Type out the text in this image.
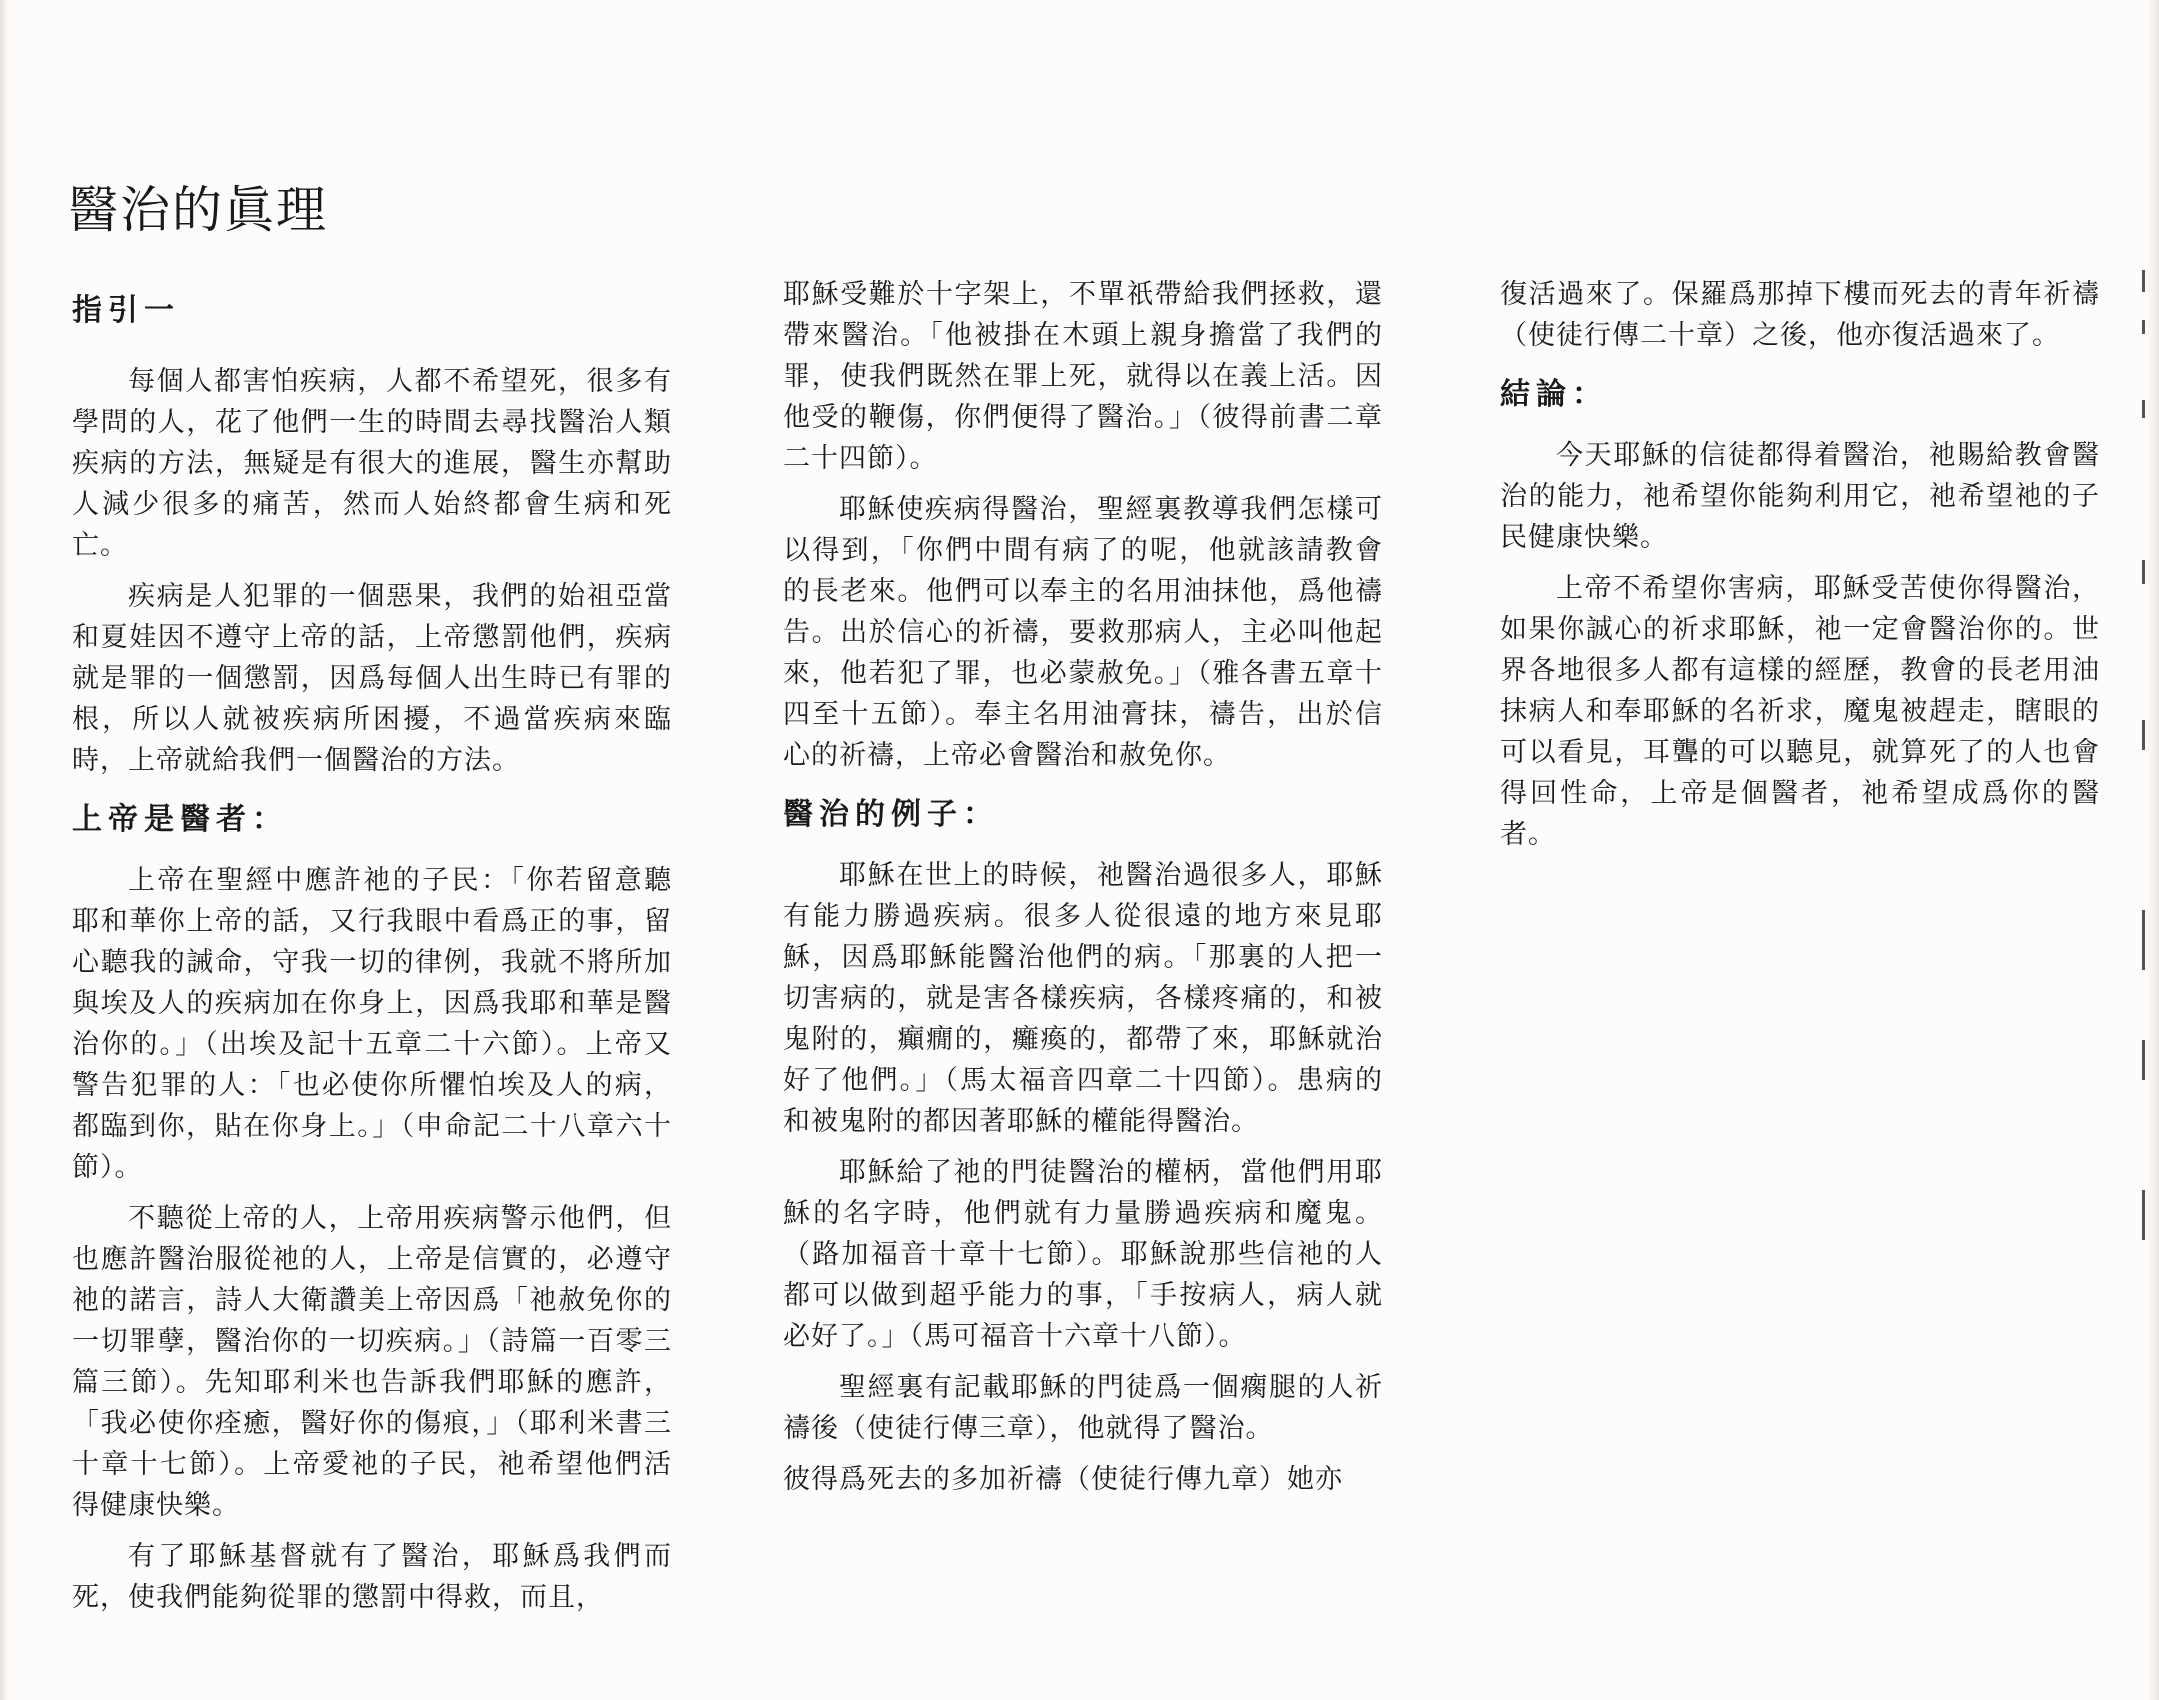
醫治的眞理
指引一

每個人都害怕疾病，人都不希望死，很多有學問的人，花了他們一生的時間去尋找醫治人類疾病的方法，無疑是有很大的進展，醫生亦幫助人減少很多的痛苦，然而人始終都會生病和死亡。

疾病是人犯罪的一個惡果，我們的始祖亞當和夏娃因不遵守上帝的話，上帝懲罰他們，疾病就是罪的一個懲罰，因爲每個人出生時已有罪的根，所以人就被疾病所困擾，不過當疾病來臨時，上帝就給我們一個醫治的方法。

上帝是醫者：

上帝在聖經中應許祂的子民：「你若留意聽耶和華你上帝的話，又行我眼中看爲正的事，留心聽我的誡命，守我一切的律例，我就不將所加與埃及人的疾病加在你身上，因爲我耶和華是醫治你的。」（出埃及記十五章二十六節）。上帝又警告犯罪的人：「也必使你所懼怕埃及人的病，都臨到你，貼在你身上。」（申命記二十八章六十節）。

不聽從上帝的人，上帝用疾病警示他們，但也應許醫治服從祂的人，上帝是信實的，必遵守祂的諾言，詩人大衛讚美上帝因爲「祂赦免你的一切罪孽，醫治你的一切疾病。」（詩篇一百零三篇三節）。先知耶利米也告訴我們耶穌的應許，「我必使你痊癒，醫好你的傷痕，」（耶利米書三十章十七節）。上帝愛祂的子民，祂希望他們活得健康快樂。

有了耶穌基督就有了醫治，耶穌爲我們而死，使我們能夠從罪的懲罰中得救，而且，

耶穌受難於十字架上，不單祇帶給我們拯救，還帶來醫治。「他被掛在木頭上親身擔當了我們的罪，使我們既然在罪上死，就得以在義上活。因他受的鞭傷，你們便得了醫治。」（彼得前書二章二十四節）。

耶穌使疾病得醫治，聖經裏教導我們怎樣可以得到，「你們中間有病了的呢，他就該請教會的長老來。他們可以奉主的名用油抹他，爲他禱告。出於信心的祈禱，要救那病人，主必叫他起來，他若犯了罪，也必蒙赦免。」（雅各書五章十四至十五節）。奉主名用油膏抹，禱告，出於信心的祈禱，上帝必會醫治和赦免你。

醫治的例子：

耶穌在世上的時候，祂醫治過很多人，耶穌有能力勝過疾病。很多人從很遠的地方來見耶穌，因爲耶穌能醫治他們的病。「那裏的人把一切害病的，就是害各樣疾病，各樣疼痛的，和被鬼附的，癲癇的，癱瘓的，都帶了來，耶穌就治好了他們。」（馬太福音四章二十四節）。患病的和被鬼附的都因著耶穌的權能得醫治。

耶穌給了祂的門徒醫治的權柄，當他們用耶穌的名字時，他們就有力量勝過疾病和魔鬼。（路加福音十章十七節）。耶穌說那些信祂的人都可以做到超乎能力的事，「手按病人，病人就必好了。」（馬可福音十六章十八節）。

聖經裏有記載耶穌的門徒爲一個瘸腿的人祈禱後（使徒行傳三章），他就得了醫治。

彼得爲死去的多加祈禱（使徒行傳九章）她亦

復活過來了。保羅爲那掉下樓而死去的青年祈禱（使徒行傳二十章）之後，他亦復活過來了。

結論：

今天耶穌的信徒都得着醫治，祂賜給教會醫治的能力，祂希望你能夠利用它，祂希望祂的子民健康快樂。

上帝不希望你害病，耶穌受苦使你得醫治，如果你誠心的祈求耶穌，祂一定會醫治你的。世界各地很多人都有這樣的經歷，教會的長老用油抹病人和奉耶穌的名祈求，魔鬼被趕走，瞎眼的可以看見，耳聾的可以聽見，就算死了的人也會得回性命，上帝是個醫者，祂希望成爲你的醫者。
